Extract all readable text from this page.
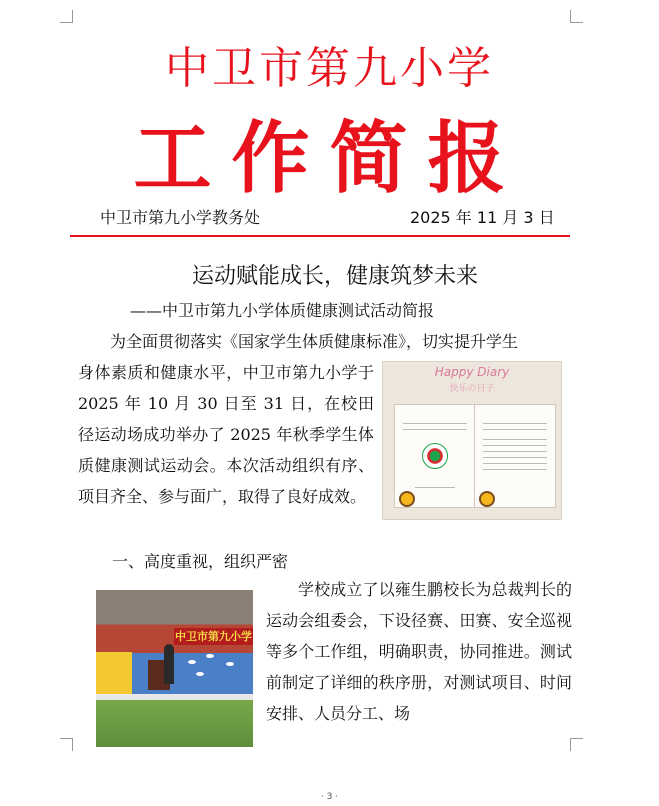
中卫市第九小学
工作简报
中卫市第九小学教务处	2025 年 11 月 3 日
运动赋能成长，健康筑梦未来
——中卫市第九小学体质健康测试活动简报

为全面贯彻落实《国家学生体质健康标准》，切实提升学生

身体素质和健康水平，中卫市第九小学于 2025 年 10 月 30 日至 31 日，在校田径运动场成功举办了 2025 年秋季学生体质健康测试运动会。本次活动组织有序、项目齐全、参与面广，取得了良好成效。

Happy Diary
快乐の日子

一、高度重视，组织严密

中卫市第九小学

学校成立了以雍生鹏校长为总裁判长的运动会组委会，下设径赛、田赛、安全巡视等多个工作组，明确职责，协同推进。测试前制定了详细的秩序册，对测试项目、时间安排、人员分工、场

· 3 ·
